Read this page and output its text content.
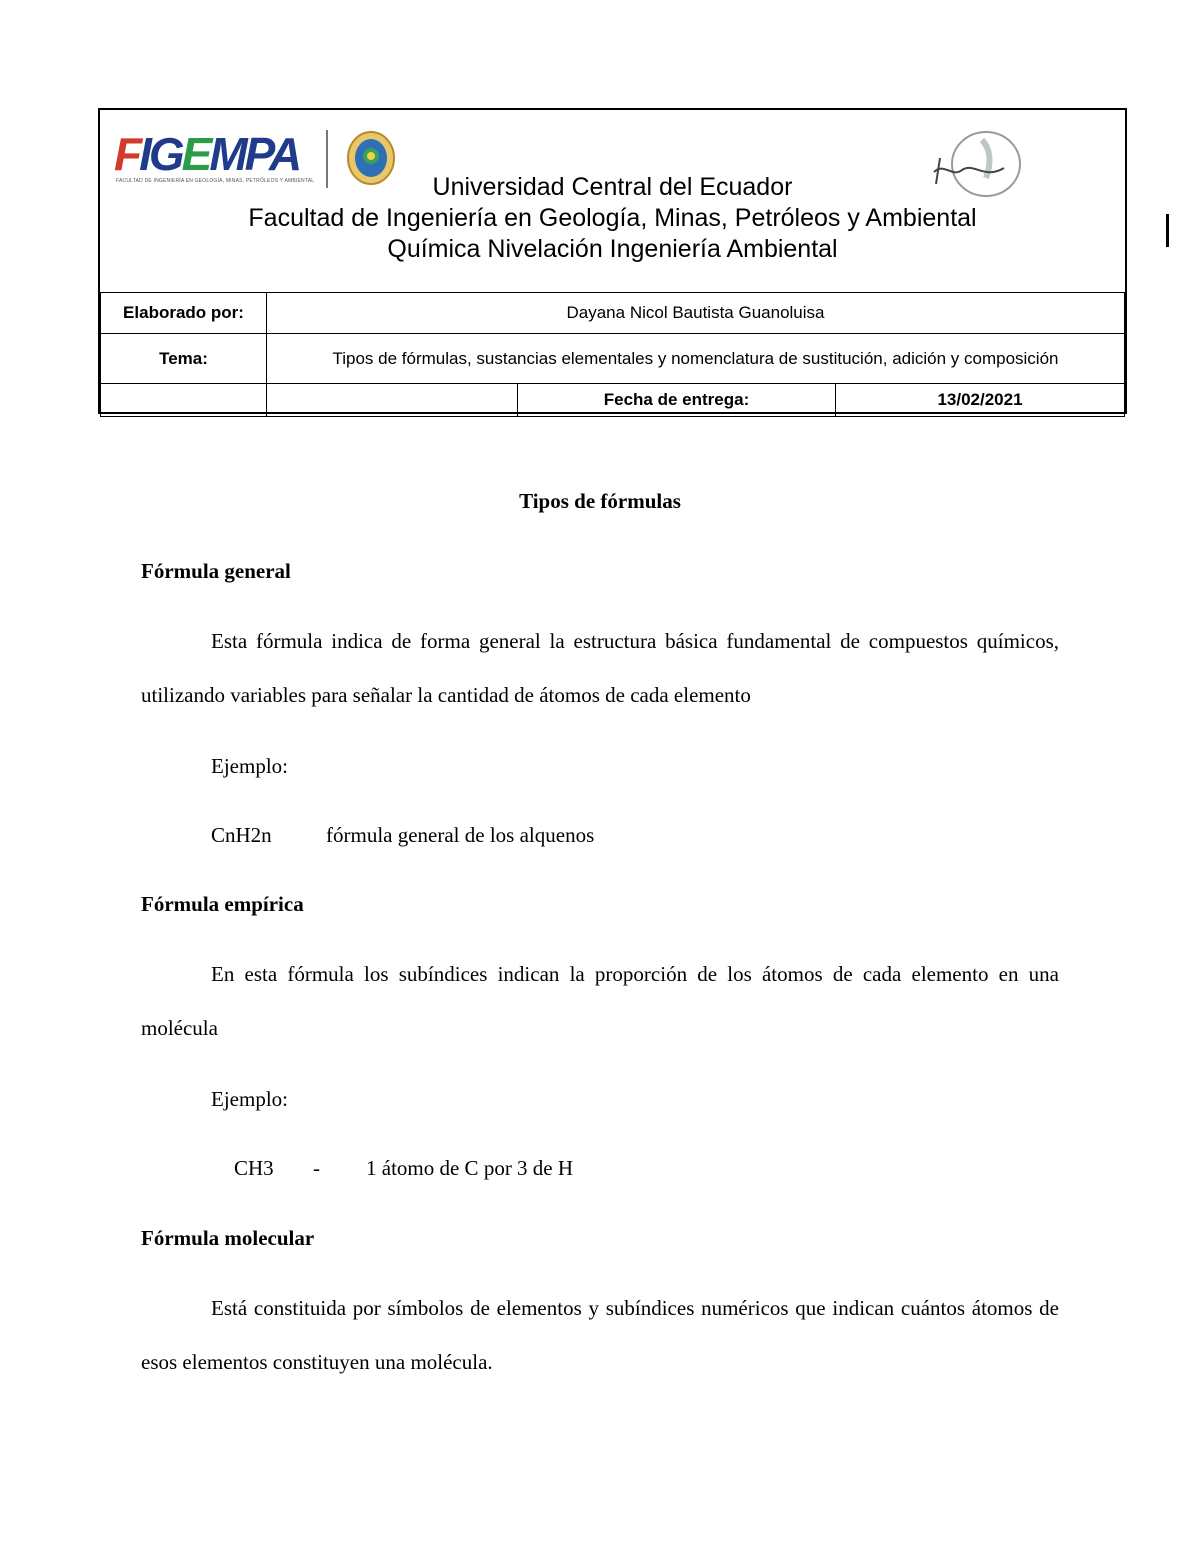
FIGEMPA
FACULTAD DE INGENIERÍA EN GEOLOGÍA, MINAS, PETRÓLEOS Y AMBIENTAL	Universidad Central del Ecuador
Facultad de Ingeniería en Geología, Minas, Petróleos y Ambiental
Química Nivelación Ingeniería Ambiental
Elaborado por:	Dayana Nicol Bautista Guanoluisa		
Tema:	Tipos de fórmulas, sustancias elementales y nomenclatura de sustitución, adición y composición		
		Fecha de entrega:	13/02/2021
Tipos de fórmulas
Fórmula general
Esta fórmula indica de forma general la estructura básica fundamental de compuestos químicos, utilizando variables para señalar la cantidad de átomos de cada elemento
Ejemplo:
CnH2n	fórmula general de los alquenos
Fórmula empírica
En esta fórmula los subíndices indican la proporción de los átomos de cada elemento en una molécula
Ejemplo:
CH3 - 1 átomo de C por 3 de H
Fórmula molecular
Está constituida por símbolos de elementos y subíndices numéricos que indican cuántos átomos de esos elementos constituyen una molécula.
